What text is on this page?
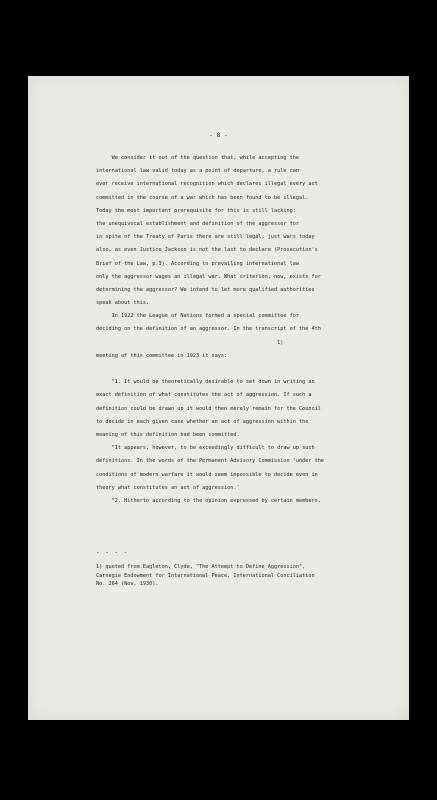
- 8 -
We consider it out of the question that, while accepting the
international law valid today as a point of departure, a rule can
ever receive international recognition which declares illegal every act
committed in the course of a war which has been found to be illegal.
Today the most important prerequisite for this is still lacking:
the unequivocal establishment and definition of the aggressor for
in spite of the Treaty of Paris there are still legal, just wars today
also, as even Justice Jackson is not the last to declare (Prosecution's
Brief of the Law, p.3). According to prevailing international law
only the aggressor wages an illegal war. What criterion, now, exists for
determining the aggressor? We intend to let more qualified authorities
speak about this.
In 1922 the League of Nations formed a special committee for
deciding on the definition of an aggressor. In the transcript of the 4th
1)
meeting of this committee in 1923 it says:
"1. It would be theoretically desirable to set down in writing an
exact definition of what constitutes the act of aggression. If such a
definition could be drawn up it would then merely remain for the Council
to decide in each given case whether an act of aggression within the
meaning of this definition had been committed.
"It appears, however, to be exceedingly difficult to draw up such
definitions. In the words of the Permanent Advisory Commission 'under the
conditions of modern warfare it would seem impossible to decide even in
theory what constitutes an act of aggression.'
"2. Hitherto according to the opinion expressed by certain members,
- - - -
1) quoted from Eagleton, Clyde, "The Attempt to Define Aggression",
Carnegie Endowment for International Peace, International Conciliation
No. 264 (Nov. 1930).
